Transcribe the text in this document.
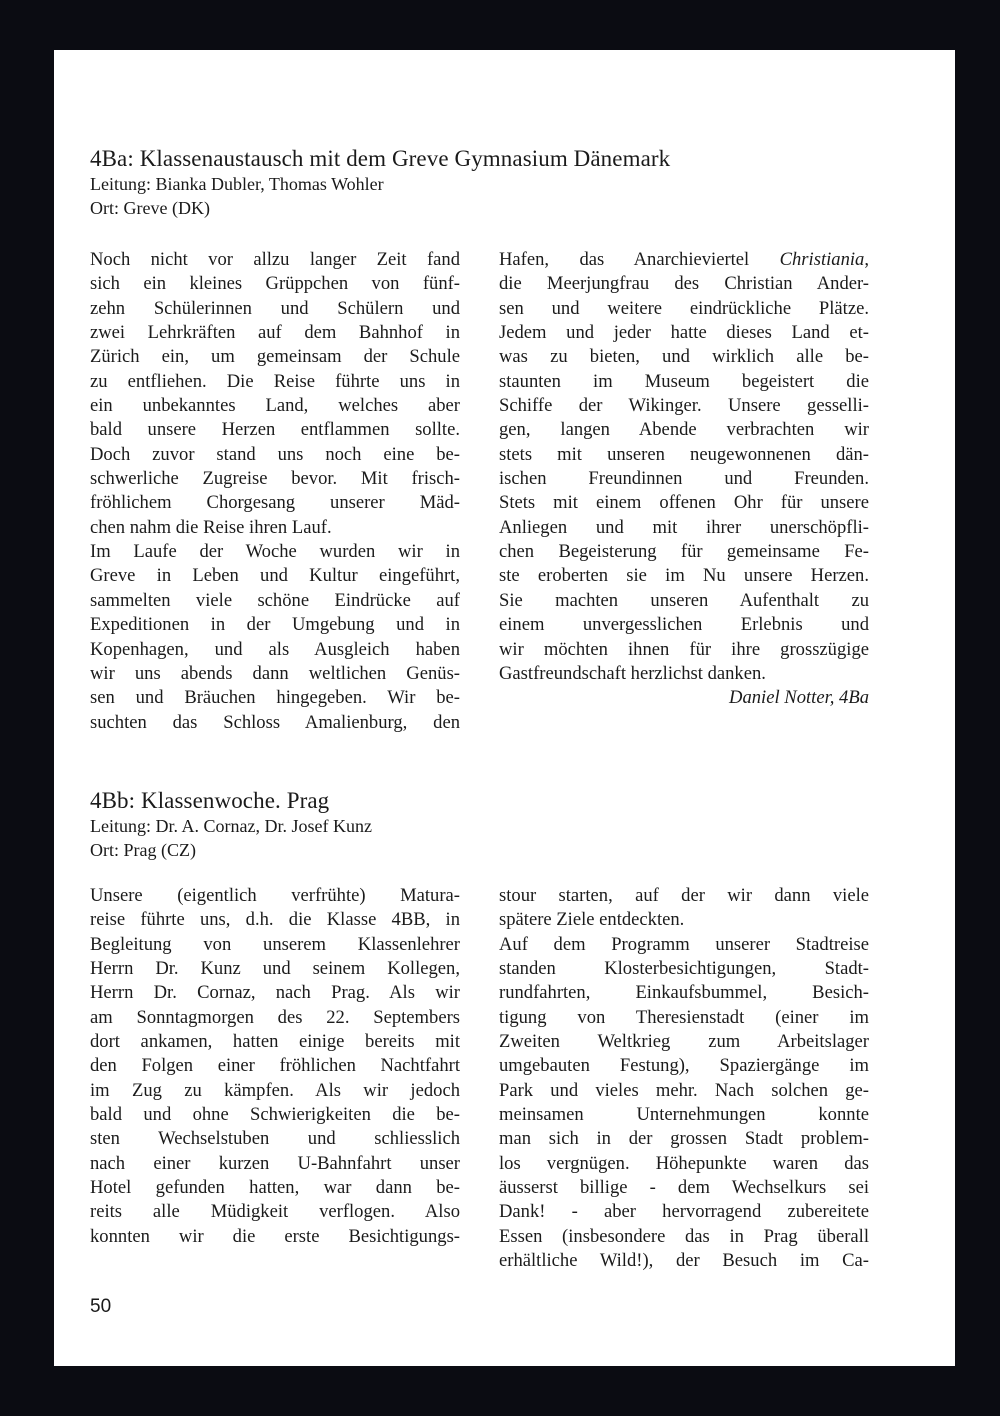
4Ba: Klassenaustausch mit dem Greve Gymnasium Dänemark
Leitung: Bianka Dubler, Thomas Wohler
Ort: Greve (DK)
Noch nicht vor allzu langer Zeit fand
sich ein kleines Grüppchen von fünf-
zehn Schülerinnen und Schülern und
zwei Lehrkräften auf dem Bahnhof in
Zürich ein, um gemeinsam der Schule
zu entfliehen. Die Reise führte uns in
ein unbekanntes Land, welches aber
bald unsere Herzen entflammen sollte.
Doch zuvor stand uns noch eine be-
schwerliche Zugreise bevor. Mit frisch-
fröhlichem Chorgesang unserer Mäd-
chen nahm die Reise ihren Lauf.
Im Laufe der Woche wurden wir in
Greve in Leben und Kultur eingeführt,
sammelten viele schöne Eindrücke auf
Expeditionen in der Umgebung und in
Kopenhagen, und als Ausgleich haben
wir uns abends dann weltlichen Genüs-
sen und Bräuchen hingegeben. Wir be-
suchten das Schloss Amalienburg, den
Hafen, das Anarchieviertel Christiania,
die Meerjungfrau des Christian Ander-
sen und weitere eindrückliche Plätze.
Jedem und jeder hatte dieses Land et-
was zu bieten, und wirklich alle be-
staunten im Museum begeistert die
Schiffe der Wikinger. Unsere gesselli-
gen, langen Abende verbrachten wir
stets mit unseren neugewonnenen dän-
ischen Freundinnen und Freunden.
Stets mit einem offenen Ohr für unsere
Anliegen und mit ihrer unerschöpfli-
chen Begeisterung für gemeinsame Fe-
ste eroberten sie im Nu unsere Herzen.
Sie machten unseren Aufenthalt zu
einem unvergesslichen Erlebnis und
wir möchten ihnen für ihre grosszügige
Gastfreundschaft herzlichst danken.
Daniel Notter, 4Ba
4Bb: Klassenwoche. Prag
Leitung: Dr. A. Cornaz, Dr. Josef Kunz
Ort: Prag (CZ)
Unsere (eigentlich verfrühte) Matura-
reise führte uns, d.h. die Klasse 4BB, in
Begleitung von unserem Klassenlehrer
Herrn Dr. Kunz und seinem Kollegen,
Herrn Dr. Cornaz, nach Prag. Als wir
am Sonntagmorgen des 22. Septembers
dort ankamen, hatten einige bereits mit
den Folgen einer fröhlichen Nachtfahrt
im Zug zu kämpfen. Als wir jedoch
bald und ohne Schwierigkeiten die be-
sten Wechselstuben und schliesslich
nach einer kurzen U-Bahnfahrt unser
Hotel gefunden hatten, war dann be-
reits alle Müdigkeit verflogen. Also
konnten wir die erste Besichtigungs-
stour starten, auf der wir dann viele
spätere Ziele entdeckten.
Auf dem Programm unserer Stadtreise
standen Klosterbesichtigungen, Stadt-
rundfahrten, Einkaufsbummel, Besich-
tigung von Theresienstadt (einer im
Zweiten Weltkrieg zum Arbeitslager
umgebauten Festung), Spaziergänge im
Park und vieles mehr. Nach solchen ge-
meinsamen Unternehmungen konnte
man sich in der grossen Stadt problem-
los vergnügen. Höhepunkte waren das
äusserst billige - dem Wechselkurs sei
Dank! - aber hervorragend zubereitete
Essen (insbesondere das in Prag überall
erhältliche Wild!), der Besuch im Ca-
50
